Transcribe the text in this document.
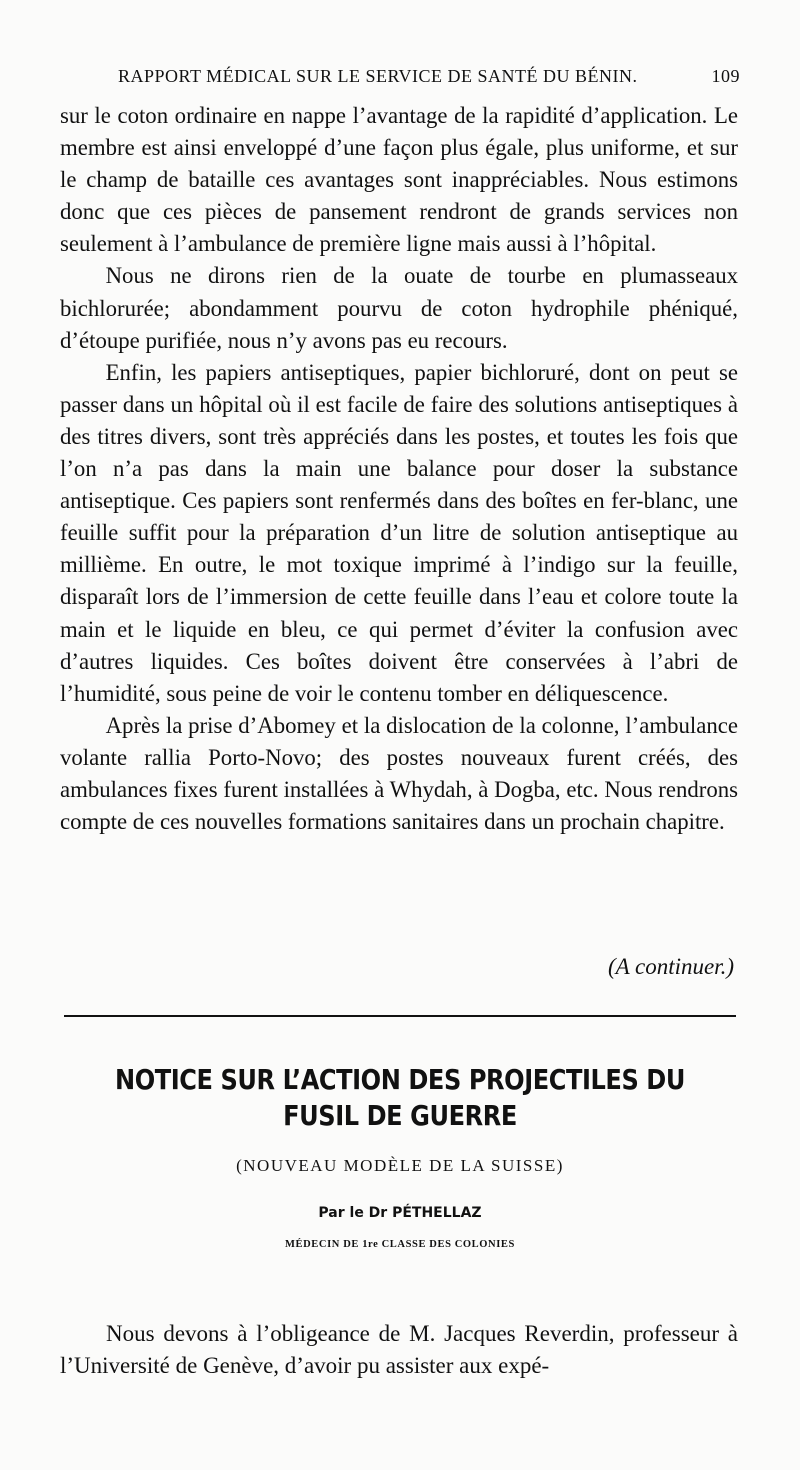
RAPPORT MÉDICAL SUR LE SERVICE DE SANTÉ DU BÉNIN.	109

sur le coton ordinaire en nappe l’avantage de la rapidité d’application. Le membre est ainsi enveloppé d’une façon plus égale, plus uniforme, et sur le champ de bataille ces avantages sont inappréciables. Nous estimons donc que ces pièces de pansement rendront de grands services non seulement à l’ambulance de première ligne mais aussi à l’hôpital.

Nous ne dirons rien de la ouate de tourbe en plumasseaux bichlorurée; abondamment pourvu de coton hydrophile phéniqué, d’étoupe purifiée, nous n’y avons pas eu recours.

Enfin, les papiers antiseptiques, papier bichloruré, dont on peut se passer dans un hôpital où il est facile de faire des solutions antiseptiques à des titres divers, sont très appréciés dans les postes, et toutes les fois que l’on n’a pas dans la main une balance pour doser la substance antiseptique. Ces papiers sont renfermés dans des boîtes en fer-blanc, une feuille suffit pour la préparation d’un litre de solution antiseptique au millième. En outre, le mot toxique imprimé à l’indigo sur la feuille, disparaît lors de l’immersion de cette feuille dans l’eau et colore toute la main et le liquide en bleu, ce qui permet d’éviter la confusion avec d’autres liquides. Ces boîtes doivent être conservées à l’abri de l’humidité, sous peine de voir le contenu tomber en déliquescence.

Après la prise d’Abomey et la dislocation de la colonne, l’ambulance volante rallia Porto-Novo; des postes nouveaux furent créés, des ambulances fixes furent installées à Whydah, à Dogba, etc. Nous rendrons compte de ces nouvelles formations sanitaires dans un prochain chapitre.

(A continuer.)
NOTICE SUR L’ACTION DES PROJECTILES DU FUSIL DE GUERRE
(NOUVEAU MODÈLE DE LA SUISSE)
Par le Dr PÉTHELLAZ
MÉDECIN DE 1re CLASSE DES COLONIES

Nous devons à l’obligeance de M. Jacques Reverdin, professeur à l’Université de Genève, d’avoir pu assister aux expé-
